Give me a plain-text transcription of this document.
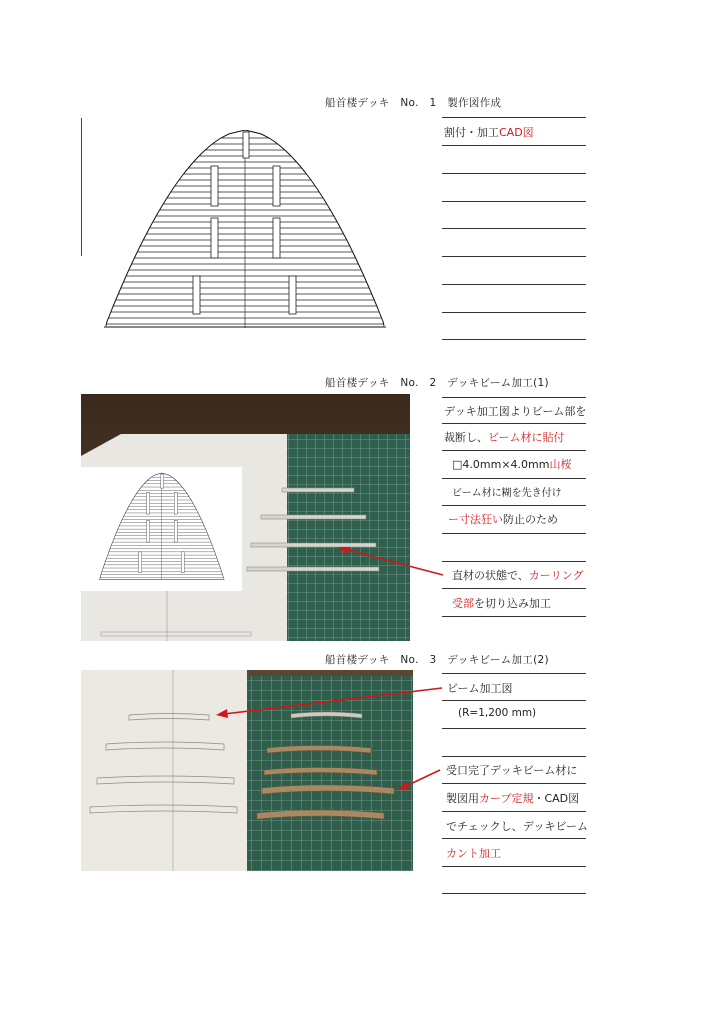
船首楼デッキ　No.　1　製作図作成
割付・加工CAD図
船首楼デッキ　No.　2　デッキビーム加工(1)
デッキ加工図よりビーム部を
裁断し、ビーム材に貼付
□4.0mm×4.0mm山桜
ビーム材に糊を先き付け
ー寸法狂い防止のため
直材の状態で、カーリング
受部を切り込み加工
船首楼デッキ　No.　3　デッキビーム加工(2)
ビーム加工図
(R=1,200 mm)
受口完了デッキビーム材に
製図用カーブ定規・CAD図
でチェックし、デッキビーム
カント加工
